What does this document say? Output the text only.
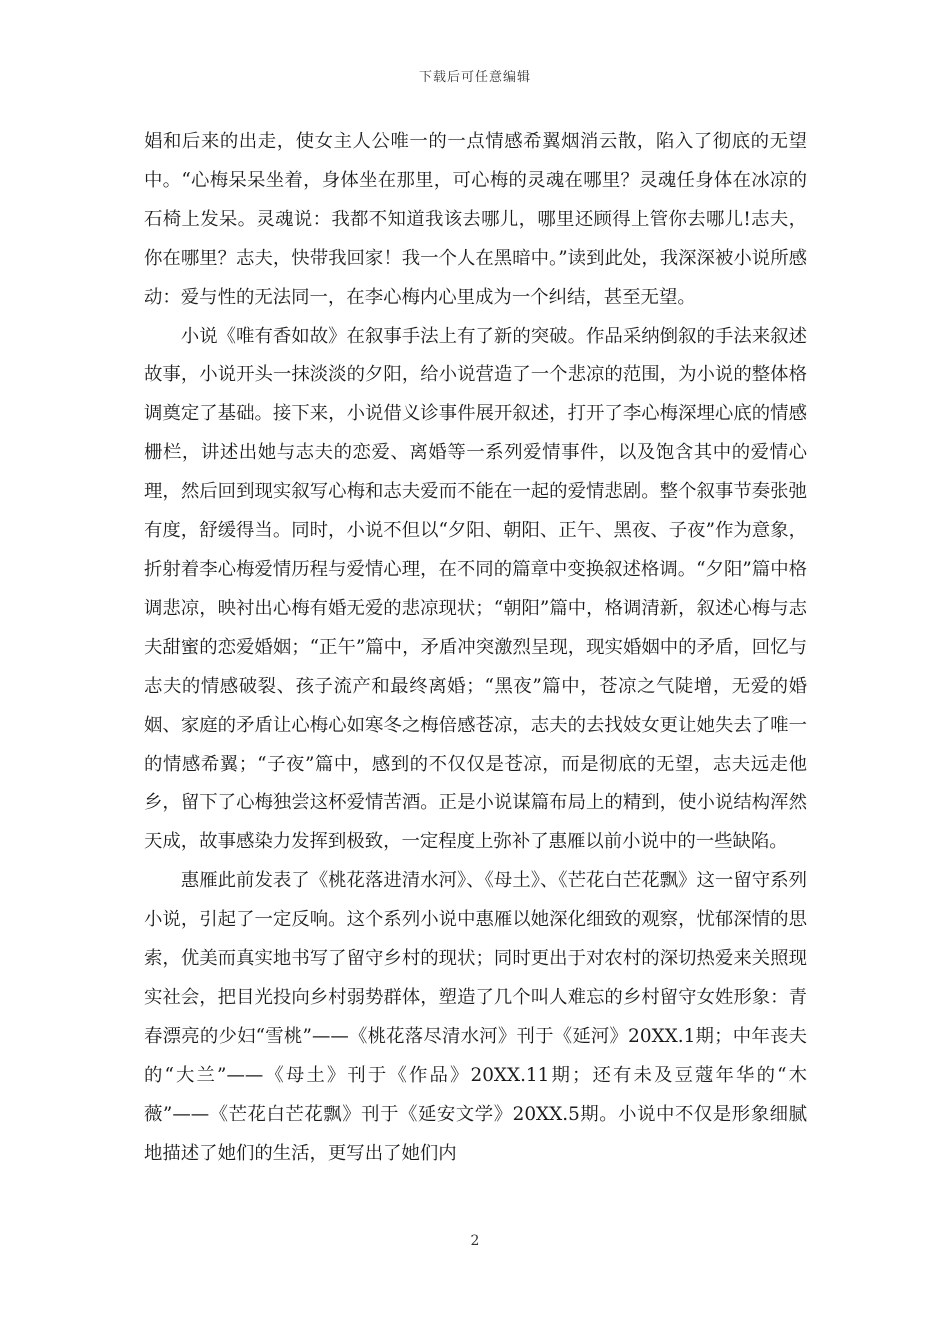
下载后可任意编辑

娼和后来的出走，使女主人公唯一的一点情感希翼烟消云散，陷入了彻底的无望中。“心梅呆呆坐着，身体坐在那里，可心梅的灵魂在哪里？灵魂任身体在冰凉的石椅上发呆。灵魂说：我都不知道我该去哪儿，哪里还顾得上管你去哪儿!志夫，你在哪里？志夫，快带我回家！我一个人在黑暗中。”读到此处，我深深被小说所感动：爱与性的无法同一，在李心梅内心里成为一个纠结，甚至无望。

小说《唯有香如故》在叙事手法上有了新的突破。作品采纳倒叙的手法来叙述故事，小说开头一抹淡淡的夕阳，给小说营造了一个悲凉的范围，为小说的整体格调奠定了基础。接下来，小说借义诊事件展开叙述，打开了李心梅深埋心底的情感栅栏，讲述出她与志夫的恋爱、离婚等一系列爱情事件，以及饱含其中的爱情心理，然后回到现实叙写心梅和志夫爱而不能在一起的爱情悲剧。整个叙事节奏张弛有度，舒缓得当。同时，小说不但以“夕阳、朝阳、正午、黑夜、子夜”作为意象，折射着李心梅爱情历程与爱情心理，在不同的篇章中变换叙述格调。“夕阳”篇中格调悲凉，映衬出心梅有婚无爱的悲凉现状；“朝阳”篇中，格调清新，叙述心梅与志夫甜蜜的恋爱婚姻；“正午”篇中，矛盾冲突激烈呈现，现实婚姻中的矛盾，回忆与志夫的情感破裂、孩子流产和最终离婚；“黑夜”篇中，苍凉之气陡增，无爱的婚姻、家庭的矛盾让心梅心如寒冬之梅倍感苍凉，志夫的去找妓女更让她失去了唯一的情感希翼；“子夜”篇中，感到的不仅仅是苍凉，而是彻底的无望，志夫远走他乡，留下了心梅独尝这杯爱情苦酒。正是小说谋篇布局上的精到，使小说结构浑然天成，故事感染力发挥到极致，一定程度上弥补了惠雁以前小说中的一些缺陷。

惠雁此前发表了《桃花落进清水河》、《母土》、《芒花白芒花飘》这一留守系列小说，引起了一定反响。这个系列小说中惠雁以她深化细致的观察，忧郁深情的思索，优美而真实地书写了留守乡村的现状；同时更出于对农村的深切热爱来关照现实社会，把目光投向乡村弱势群体，塑造了几个叫人难忘的乡村留守女姓形象：青春漂亮的少妇“雪桃”——《桃花落尽清水河》刊于《延河》20XX.1期；中年丧夫的“大兰”——《母土》刊于《作品》20XX.11期；还有未及豆蔻年华的“木薇”——《芒花白芒花飘》刊于《延安文学》20XX.5期。小说中不仅是形象细腻地描述了她们的生活，更写出了她们内

2
